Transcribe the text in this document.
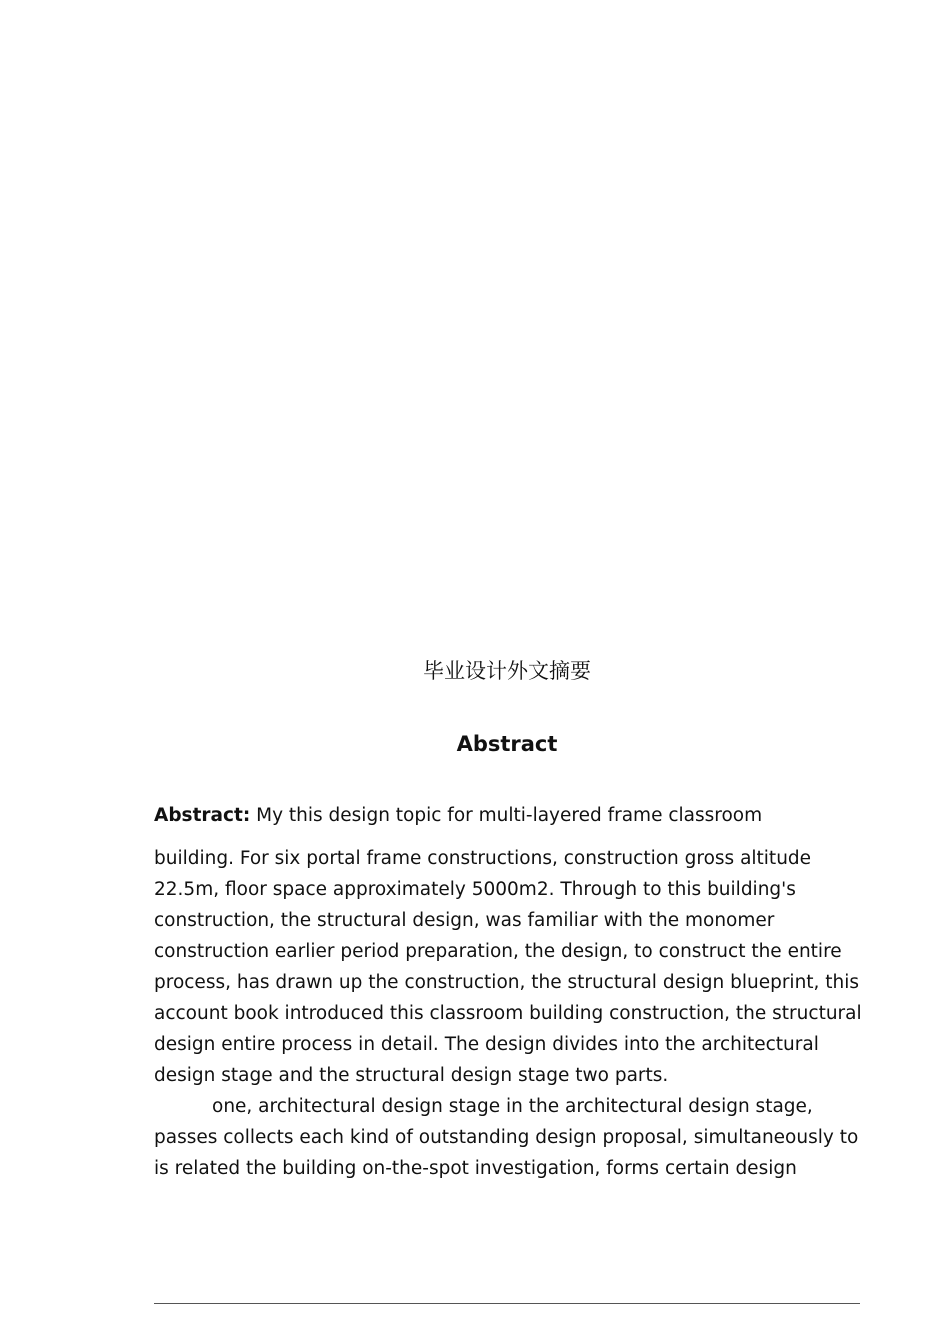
毕业设计外文摘要
Abstract
Abstract: My this design topic for multi-layered frame classroom

building. For six portal frame constructions, construction gross altitude 22.5m, floor space approximately 5000m2. Through to this building's construction, the structural design, was familiar with the monomer construction earlier period preparation, the design, to construct the entire process, has drawn up the construction, the structural design blueprint, this account book introduced this classroom building construction, the structural design entire process in detail. The design divides into the architectural design stage and the structural design stage two parts.

one, architectural design stage in the architectural design stage, passes collects each kind of outstanding design proposal, simultaneously to is related the building on-the-spot investigation, forms certain design
